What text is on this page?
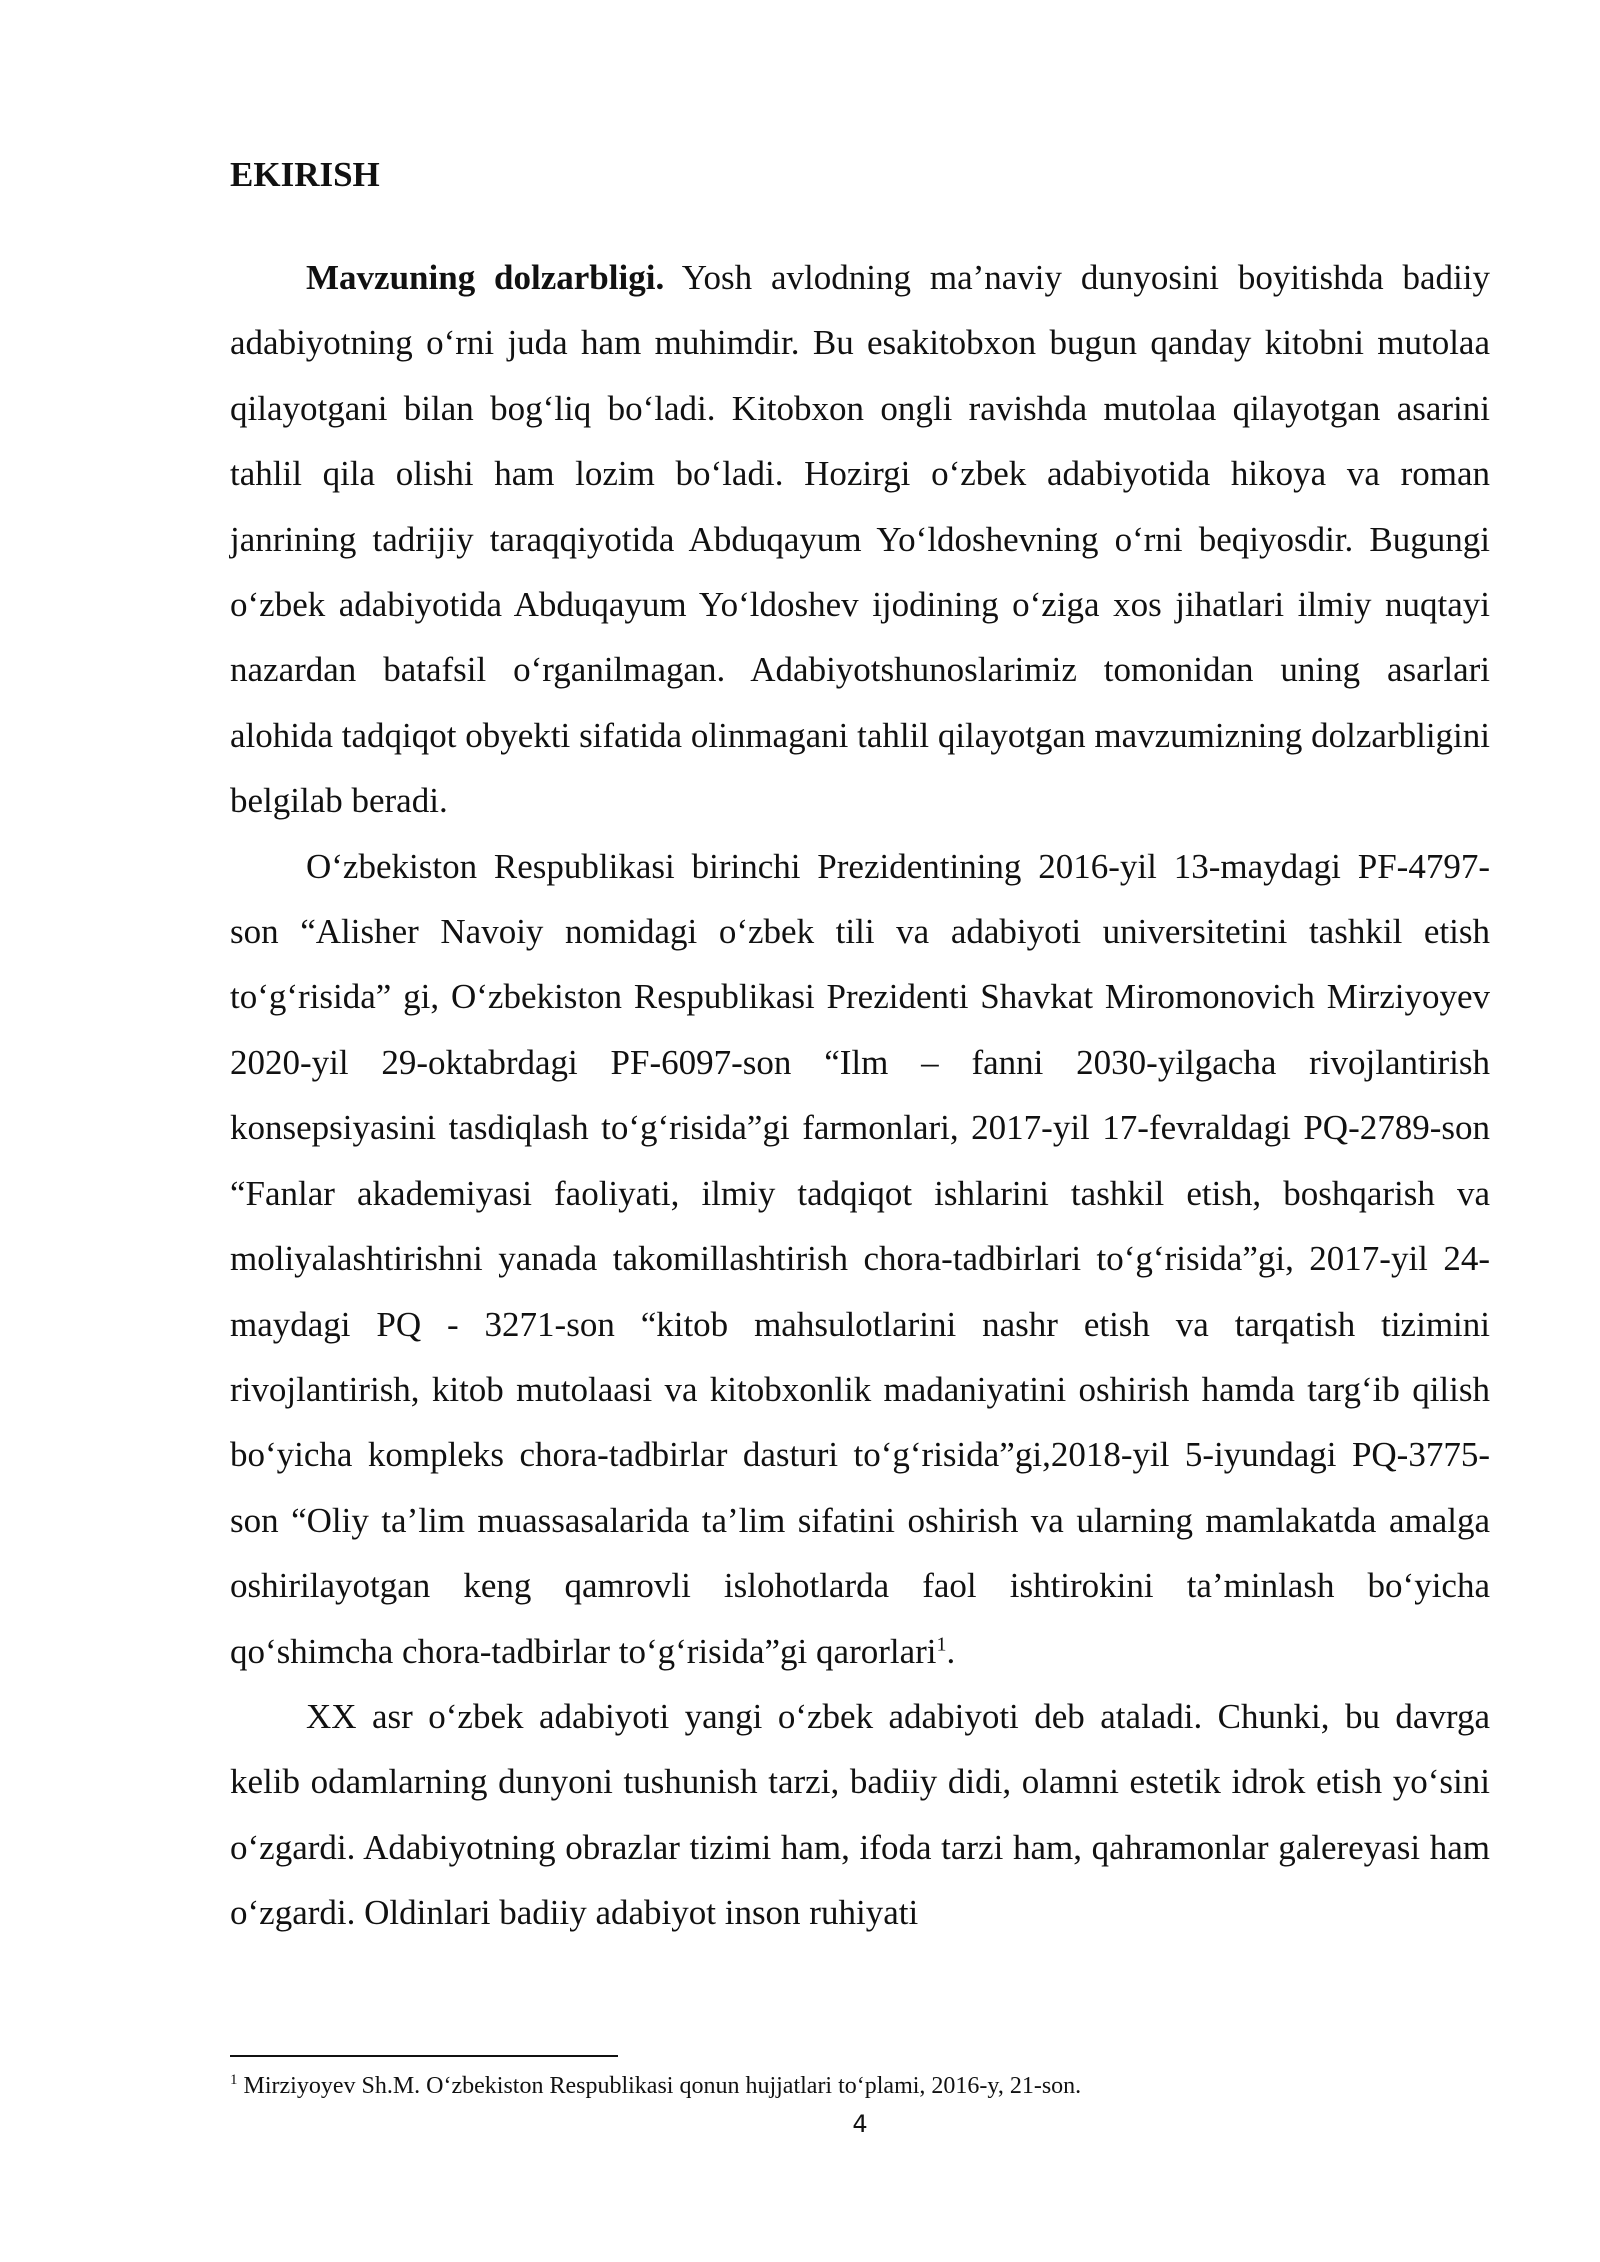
EKIRISH

Mavzuning dolzarbligi. Yosh avlodning ma’naviy dunyosini boyitishda badiiy adabiyotning o‘rni juda ham muhimdir. Bu esakitobxon bugun qanday kitobni mutolaa qilayotgani bilan bog‘liq bo‘ladi. Kitobxon ongli ravishda mutolaa qilayotgan asarini tahlil qila olishi ham lozim bo‘ladi. Hozirgi o‘zbek adabiyotida hikoya va roman janrining tadrijiy taraqqiyotida Abduqayum Yo‘ldoshevning o‘rni beqiyosdir. Bugungi o‘zbek adabiyotida Abduqayum Yo‘ldoshev ijodining o‘ziga xos jihatlari ilmiy nuqtayi nazardan batafsil o‘rganilmagan. Adabiyotshunoslarimiz tomonidan uning asarlari alohida tadqiqot obyekti sifatida olinmagani tahlil qilayotgan mavzumizning dolzarbligini belgilab beradi.

O‘zbekiston Respublikasi birinchi Prezidentining 2016-yil 13-maydagi PF-4797-son “Alisher Navoiy nomidagi o‘zbek tili va adabiyoti universitetini tashkil etish to‘g‘risida” gi, O‘zbekiston Respublikasi Prezidenti Shavkat Miromonovich Mirziyoyev 2020-yil 29-oktabrdagi PF-6097-son “Ilm – fanni 2030-yilgacha rivojlantirish konsepsiyasini tasdiqlash to‘g‘risida”gi farmonlari, 2017-yil 17-fevraldagi PQ-2789-son “Fanlar akademiyasi faoliyati, ilmiy tadqiqot ishlarini tashkil etish, boshqarish va moliyalashtirishni yanada takomillashtirish chora-tadbirlari to‘g‘risida”gi, 2017-yil 24-maydagi PQ - 3271-son “kitob mahsulotlarini nashr etish va tarqatish tizimini rivojlantirish, kitob mutolaasi va kitobxonlik madaniyatini oshirish hamda targ‘ib qilish bo‘yicha kompleks chora-tadbirlar dasturi to‘g‘risida”gi,2018-yil 5-iyundagi PQ-3775-son “Oliy ta’lim muassasalarida ta’lim sifatini oshirish va ularning mamlakatda amalga oshirilayotgan keng qamrovli islohotlarda faol ishtirokini ta’minlash bo‘yicha qo‘shimcha chora-tadbirlar to‘g‘risida”gi qarorlari$^1$.

XX asr o‘zbek adabiyoti yangi o‘zbek adabiyoti deb ataladi. Chunki, bu davrga kelib odamlarning dunyoni tushunish tarzi, badiiy didi, olamni estetik idrok etish yo‘sini o‘zgardi. Adabiyotning obrazlar tizimi ham, ifoda tarzi ham, qahramonlar galereyasi ham o‘zgardi. Oldinlari badiiy adabiyot inson ruhiyati

$^1$ Mirziyoyev Sh.M. O‘zbekiston Respublikasi qonun hujjatlari to‘plami, 2016-y, 21-son.

4
